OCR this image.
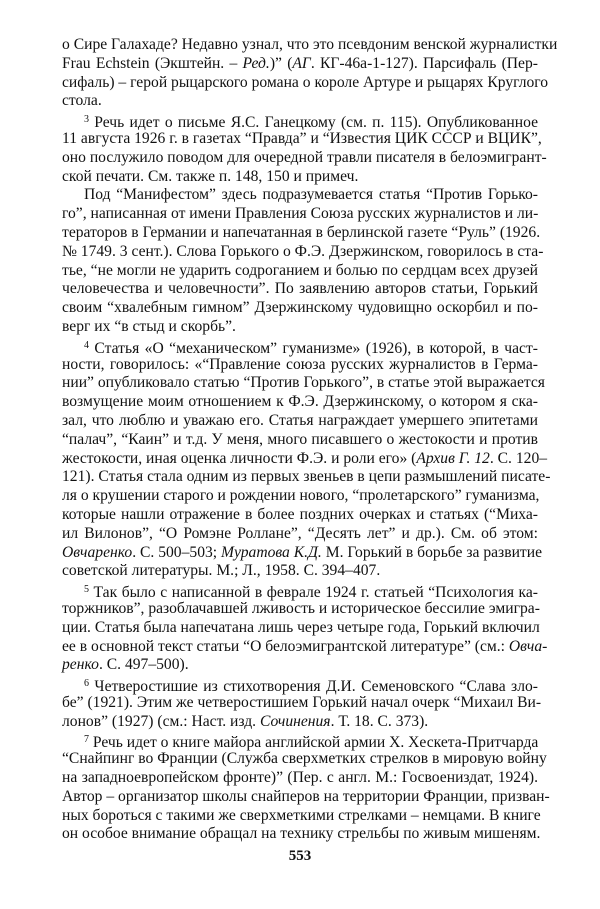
о Сире Галахаде? Недавно узнал, что это псевдоним венской журналистки
Frau Echstein (Экштейн. – Ред.)” (АГ. КГ-46а-1-127). Парсифаль (Пер-
сифаль) – герой рыцарского романа о короле Артуре и рыцарях Круглого
стола.
$^3$ Речь идет о письме Я.С. Ганецкому (см. п. 115). Опубликованное
11 августа 1926 г. в газетах “Правда” и “Известия ЦИК СССР и ВЦИК”,
оно послужило поводом для очередной травли писателя в белоэмигрант-
ской печати. См. также п. 148, 150 и примеч.
Под “Манифестом” здесь подразумевается статья “Против Горько-
го”, написанная от имени Правления Союза русских журналистов и ли-
тераторов в Германии и напечатанная в берлинской газете “Руль” (1926.
№ 1749. 3 сент.). Слова Горького о Ф.Э. Дзержинском, говорилось в ста-
тье, “не могли не ударить содроганием и болью по сердцам всех друзей
человечества и человечности”. По заявлению авторов статьи, Горький
своим “хвалебным гимном” Дзержинскому чудовищно оскорбил и по-
верг их “в стыд и скорбь”.
$^4$ Статья «О “механическом” гуманизме» (1926), в которой, в част-
ности, говорилось: «“Правление союза русских журналистов в Герма-
нии” опубликовало статью “Против Горького”, в статье этой выражается
возмущение моим отношением к Ф.Э. Дзержинскому, о котором я ска-
зал, что люблю и уважаю его. Статья награждает умершего эпитетами
“палач”, “Каин” и т.д. У меня, много писавшего о жестокости и против
жестокости, иная оценка личности Ф.Э. и роли его» (Архив Г. 12. С. 120–
121). Статья стала одним из первых звеньев в цепи размышлений писате-
ля о крушении старого и рождении нового, “пролетарского” гуманизма,
которые нашли отражение в более поздних очерках и статьях (“Миха-
ил Вилонов”, “О Ромэне Роллане”, “Десять лет” и др.). См. об этом:
Овчаренко. С. 500–503; Муратова К.Д. М. Горький в борьбе за развитие
советской литературы. М.; Л., 1958. С. 394–407.
$^5$ Так было с написанной в феврале 1924 г. статьей “Психология ка-
торжников”, разоблачавшей лживость и историческое бессилие эмигра-
ции. Статья была напечатана лишь через четыре года, Горький включил
ее в основной текст статьи “О белоэмигрантской литературе” (см.: Овча-
ренко. С. 497–500).
$^6$ Четверостишие из стихотворения Д.И. Семеновского “Слава зло-
бе” (1921). Этим же четверостишием Горький начал очерк “Михаил Ви-
лонов” (1927) (см.: Наст. изд. Сочинения. Т. 18. С. 373).
$^7$ Речь идет о книге майора английской армии Х. Хескета-Притчарда
“Снайпинг во Франции (Служба сверхметких стрелков в мировую войну
на западноевропейском фронте)” (Пер. с англ. М.: Госвоениздат, 1924).
Автор – организатор школы снайперов на территории Франции, призван-
ных бороться с такими же сверхметкими стрелками – немцами. В книге
он особое внимание обращал на технику стрельбы по живым мишеням.
553
